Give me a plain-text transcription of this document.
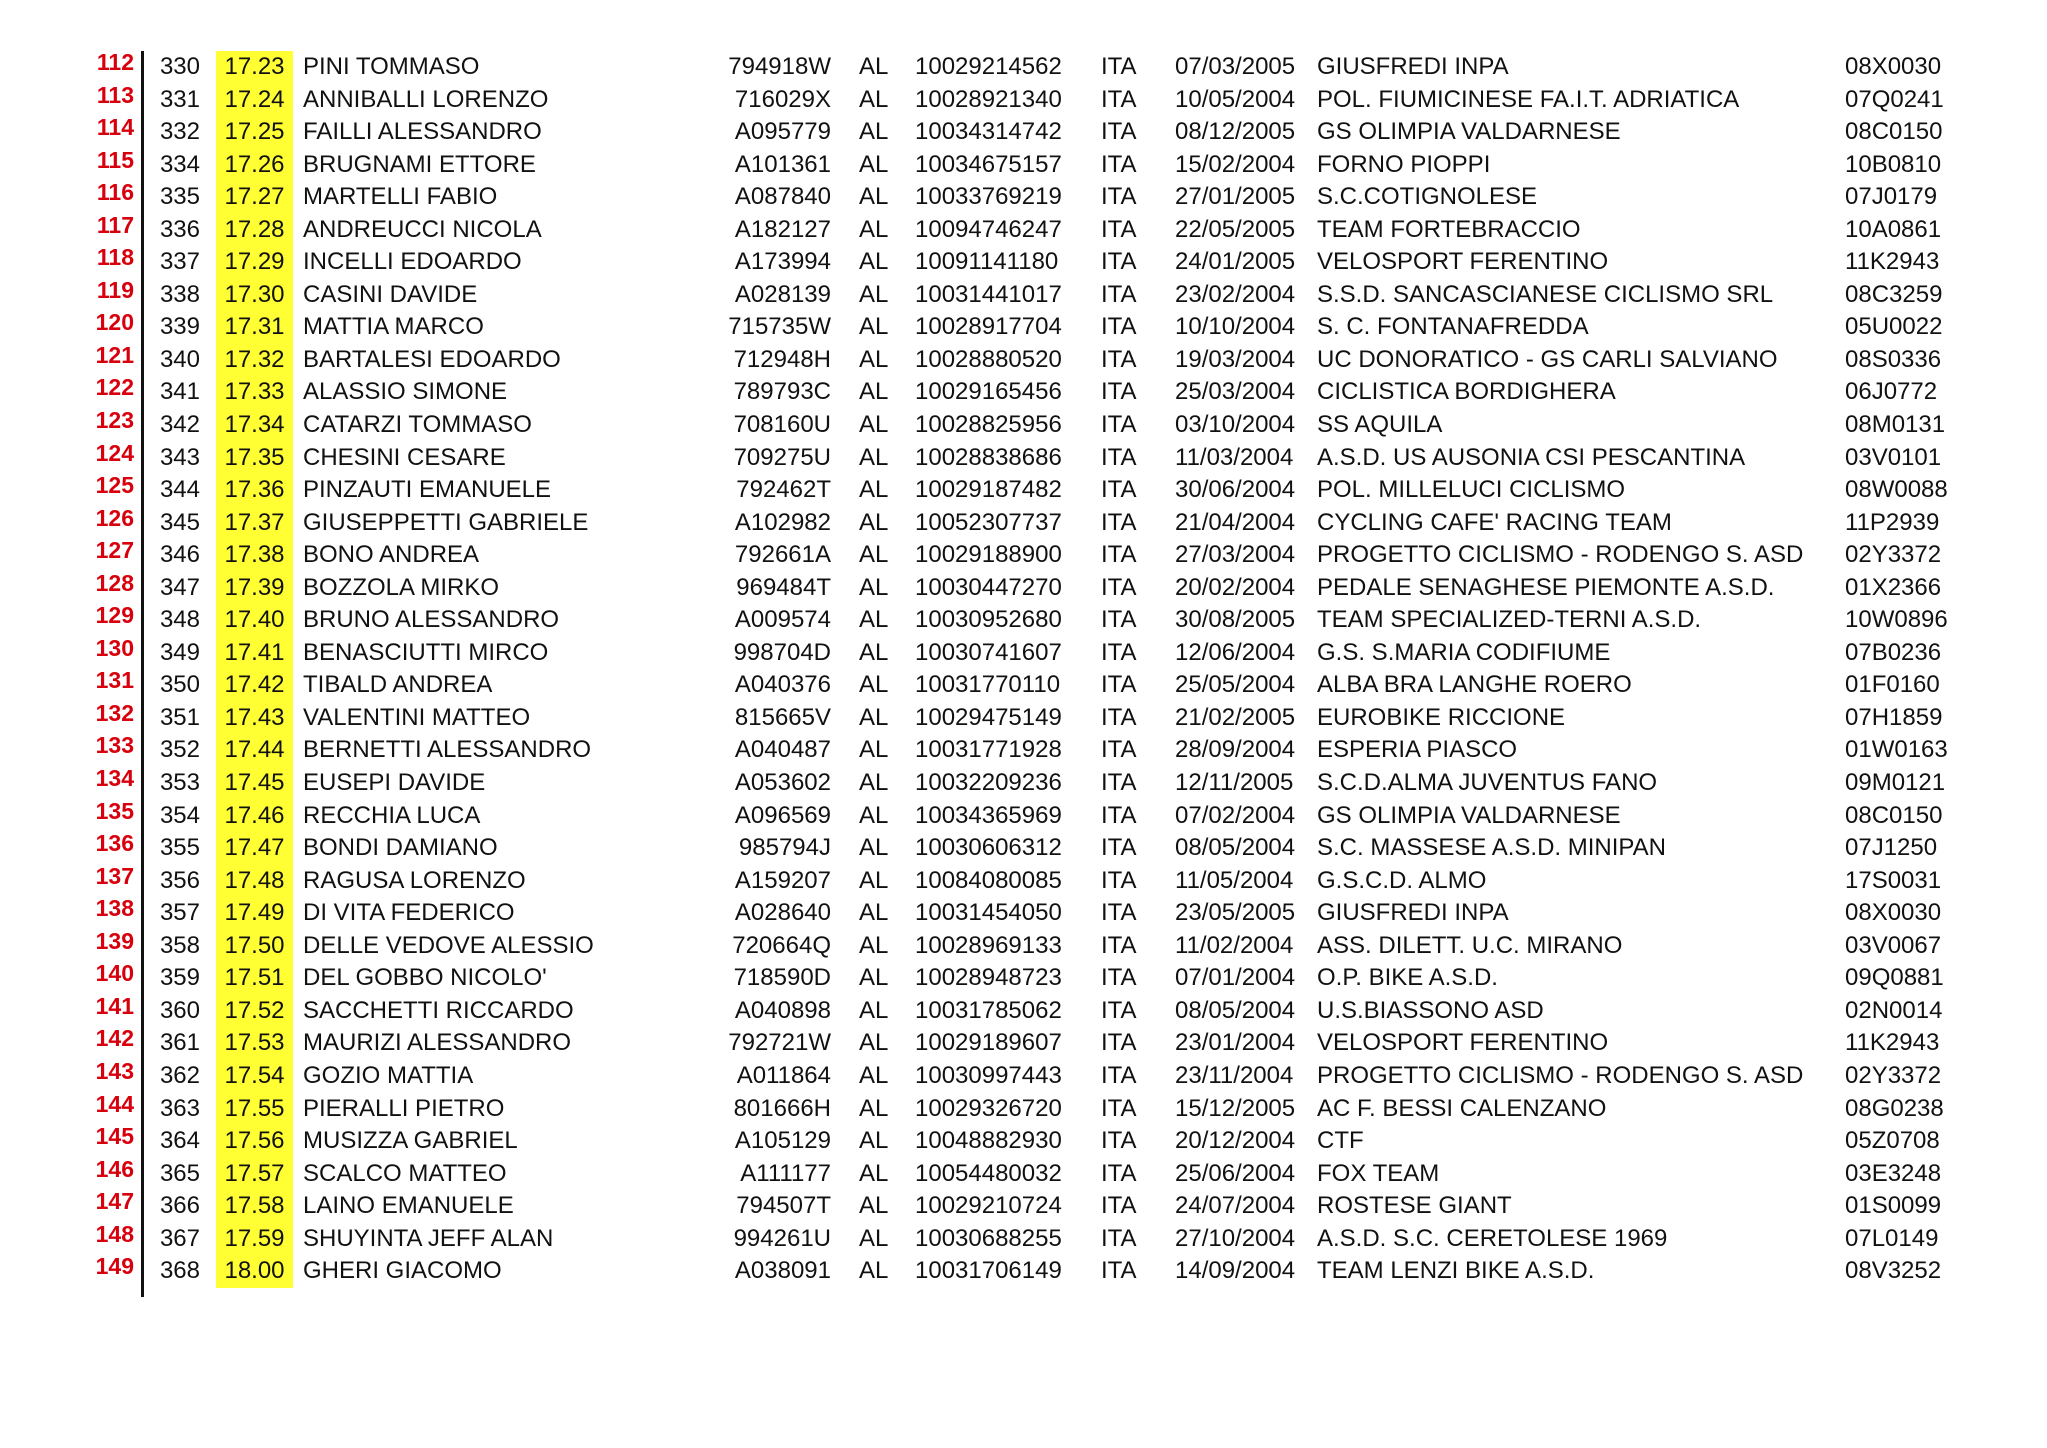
112	330	17.23 PINI TOMMASO	794918W AL 10029214562 ITA 07/03/2005 GIUSFREDI INPA	08X0030
113	331	17.24 ANNIBALLI LORENZO	716029X AL 10028921340 ITA 10/05/2004 POL. FIUMICINESE FA.I.T. ADRIATICA	07Q0241
114	332	17.25 FAILLI ALESSANDRO	A095779 AL 10034314742 ITA 08/12/2005 GS OLIMPIA VALDARNESE	08C0150
115	334	17.26 BRUGNAMI ETTORE	A101361 AL 10034675157 ITA 15/02/2004 FORNO PIOPPI	10B0810
116	335	17.27 MARTELLI FABIO	A087840 AL 10033769219 ITA 27/01/2005 S.C.COTIGNOLESE	07J0179
117	336	17.28 ANDREUCCI NICOLA	A182127 AL 10094746247 ITA 22/05/2005 TEAM FORTEBRACCIO	10A0861
118	337	17.29 INCELLI EDOARDO	A173994 AL 10091141180 ITA 24/01/2005 VELOSPORT FERENTINO	11K2943
119	338	17.30 CASINI DAVIDE	A028139 AL 10031441017 ITA 23/02/2004 S.S.D. SANCASCIANESE CICLISMO SRL	08C3259
120	339	17.31 MATTIA MARCO	715735W AL 10028917704 ITA 10/10/2004 S. C. FONTANAFREDDA	05U0022
121	340	17.32 BARTALESI EDOARDO	712948H AL 10028880520 ITA 19/03/2004 UC DONORATICO - GS CARLI SALVIANO	08S0336
122	341	17.33 ALASSIO SIMONE	789793C AL 10029165456 ITA 25/03/2004 CICLISTICA BORDIGHERA	06J0772
123	342	17.34 CATARZI TOMMASO	708160U AL 10028825956 ITA 03/10/2004 SS AQUILA	08M0131
124	343	17.35 CHESINI CESARE	709275U AL 10028838686 ITA 11/03/2004 A.S.D. US AUSONIA CSI PESCANTINA	03V0101
125	344	17.36 PINZAUTI EMANUELE	792462T AL 10029187482 ITA 30/06/2004 POL. MILLELUCI CICLISMO	08W0088
126	345	17.37 GIUSEPPETTI GABRIELE	A102982 AL 10052307737 ITA 21/04/2004 CYCLING CAFE' RACING TEAM	11P2939
127	346	17.38 BONO ANDREA	792661A AL 10029188900 ITA 27/03/2004 PROGETTO CICLISMO - RODENGO S. ASD 02Y3372
128	347	17.39 BOZZOLA MIRKO	969484T AL 10030447270 ITA 20/02/2004 PEDALE SENAGHESE PIEMONTE A.S.D.	01X2366
129	348	17.40 BRUNO ALESSANDRO	A009574 AL 10030952680 ITA 30/08/2005 TEAM SPECIALIZED-TERNI A.S.D.	10W0896
130	349	17.41 BENASCIUTTI MIRCO	998704D AL 10030741607 ITA 12/06/2004 G.S. S.MARIA CODIFIUME	07B0236
131	350	17.42 TIBALD ANDREA	A040376 AL 10031770110 ITA 25/05/2004 ALBA BRA LANGHE ROERO	01F0160
132	351	17.43 VALENTINI MATTEO	815665V AL 10029475149 ITA 21/02/2005 EUROBIKE RICCIONE	07H1859
133	352	17.44 BERNETTI ALESSANDRO	A040487 AL 10031771928 ITA 28/09/2004 ESPERIA PIASCO	01W0163
134	353	17.45 EUSEPI DAVIDE	A053602 AL 10032209236 ITA 12/11/2005 S.C.D.ALMA JUVENTUS FANO	09M0121
135	354	17.46 RECCHIA LUCA	A096569 AL 10034365969 ITA 07/02/2004 GS OLIMPIA VALDARNESE	08C0150
136	355	17.47 BONDI DAMIANO	985794J AL 10030606312 ITA 08/05/2004 S.C. MASSESE A.S.D. MINIPAN	07J1250
137	356	17.48 RAGUSA LORENZO	A159207 AL 10084080085 ITA 11/05/2004 G.S.C.D. ALMO	17S0031
138	357	17.49 DI VITA FEDERICO	A028640 AL 10031454050 ITA 23/05/2005 GIUSFREDI INPA	08X0030
139	358	17.50 DELLE VEDOVE ALESSIO	720664Q AL 10028969133 ITA 11/02/2004 ASS. DILETT. U.C. MIRANO	03V0067
140	359	17.51 DEL GOBBO NICOLO'	718590D AL 10028948723 ITA 07/01/2004 O.P. BIKE A.S.D.	09Q0881
141	360	17.52 SACCHETTI RICCARDO	A040898 AL 10031785062 ITA 08/05/2004 U.S.BIASSONO ASD	02N0014
142	361	17.53 MAURIZI ALESSANDRO	792721W AL 10029189607 ITA 23/01/2004 VELOSPORT FERENTINO	11K2943
143	362	17.54 GOZIO MATTIA	A011864 AL 10030997443 ITA 23/11/2004 PROGETTO CICLISMO - RODENGO S. ASD 02Y3372
144	363	17.55 PIERALLI PIETRO	801666H AL 10029326720 ITA 15/12/2005 AC F. BESSI CALENZANO	08G0238
145	364	17.56 MUSIZZA GABRIEL	A105129 AL 10048882930 ITA 20/12/2004 CTF	05Z0708
146	365	17.57 SCALCO MATTEO	A111177 AL 10054480032 ITA 25/06/2004 FOX TEAM	03E3248
147	366	17.58 LAINO EMANUELE	794507T AL 10029210724 ITA 24/07/2004 ROSTESE GIANT	01S0099
148	367	17.59 SHUYINTA JEFF ALAN	994261U AL 10030688255 ITA 27/10/2004 A.S.D. S.C. CERETOLESE 1969	07L0149
149	368	18.00 GHERI GIACOMO	A038091 AL 10031706149 ITA 14/09/2004 TEAM LENZI BIKE A.S.D.	08V3252
